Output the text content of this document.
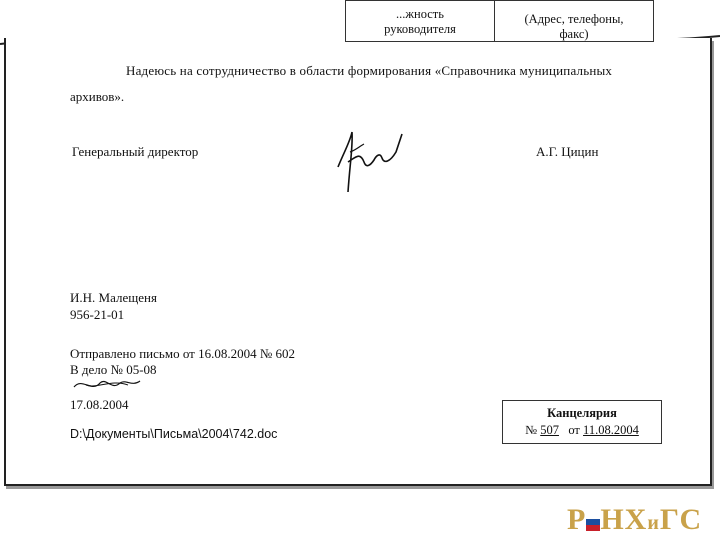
...жность
руководителя
(Адрес, телефоны,
факс)
Надеюсь на сотрудничество в области формирования «Справочника муниципальных
архивов».
Генеральный директор	А.Г. Цицин
И.Н. Малещеня
956-21-01
Отправлено письмо от 16.08.2004 № 602
В дело № 05-08
17.08.2004
D:\Документы\Письма\2004\742.doc
Канцелярия
№ 507 от 11.08.2004
Р НХиГС
